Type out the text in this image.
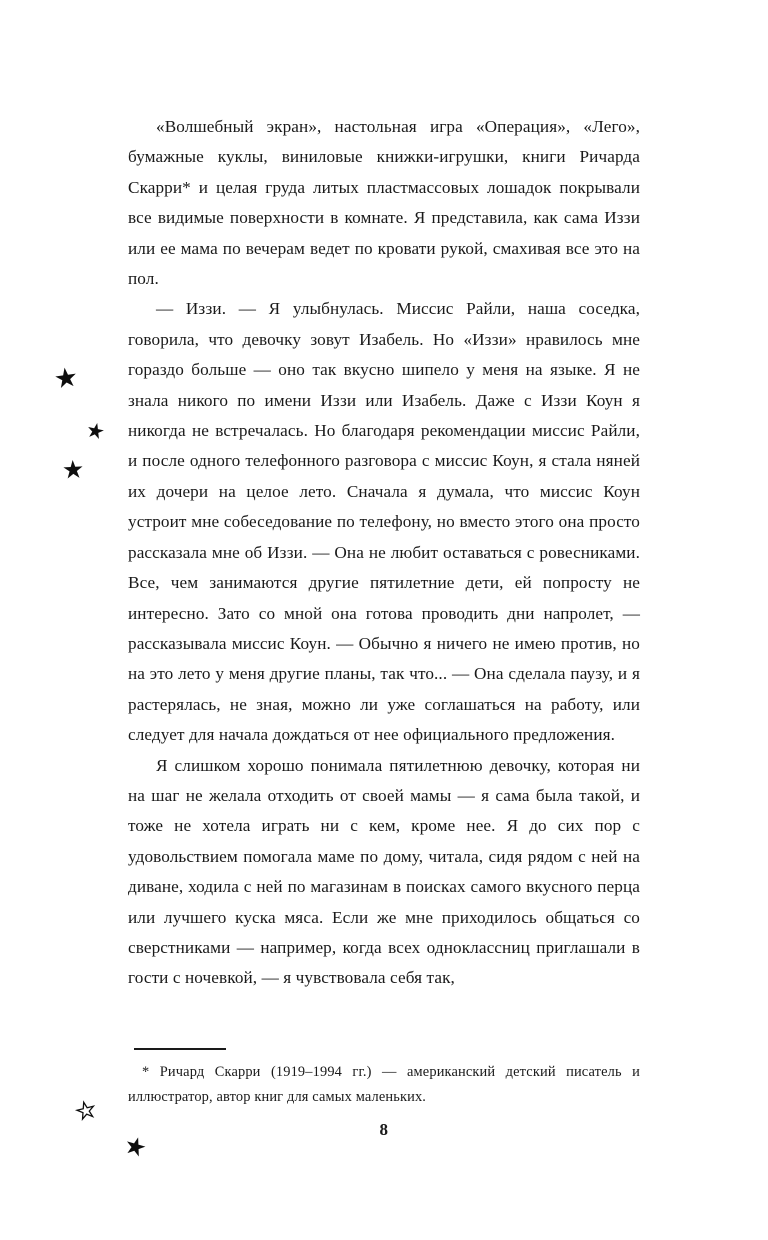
«Волшебный экран», настольная игра «Операция», «Лего», бумажные куклы, виниловые книжки-игрушки, книги Ричарда Скарри* и целая груда литых пластмассовых лошадок покрывали все видимые поверхности в комнате. Я представила, как сама Иззи или ее мама по вечерам ведет по кровати рукой, смахивая все это на пол.

— Иззи. — Я улыбнулась. Миссис Райли, наша соседка, говорила, что девочку зовут Изабель. Но «Иззи» нравилось мне гораздо больше — оно так вкусно шипело у меня на языке. Я не знала никого по имени Иззи или Изабель. Даже с Иззи Коун я никогда не встречалась. Но благодаря рекомендации миссис Райли, и после одного телефонного разговора с миссис Коун, я стала няней их дочери на целое лето. Сначала я думала, что миссис Коун устроит мне собеседование по телефону, но вместо этого она просто рассказала мне об Иззи. — Она не любит оставаться с ровесниками. Все, чем занимаются другие пятилетние дети, ей попросту не интересно. Зато со мной она готова проводить дни напролет, — рассказывала миссис Коун. — Обычно я ничего не имею против, но на это лето у меня другие планы, так что... — Она сделала паузу, и я растерялась, не зная, можно ли уже соглашаться на работу, или следует для начала дождаться от нее официального предложения.

Я слишком хорошо понимала пятилетнюю девочку, которая ни на шаг не желала отходить от своей мамы — я сама была такой, и тоже не хотела играть ни с кем, кроме нее. Я до сих пор с удовольствием помогала маме по дому, читала, сидя рядом с ней на диване, ходила с ней по магазинам в поисках самого вкусного перца или лучшего куска мяса. Если же мне приходилось общаться со сверстниками — например, когда всех одноклассниц приглашали в гости с ночевкой, — я чувствовала себя так,

* Ричард Скарри (1919–1994 гг.) — американский детский писатель и иллюстратор, автор книг для самых маленьких.

8
★
★
★
★
★
